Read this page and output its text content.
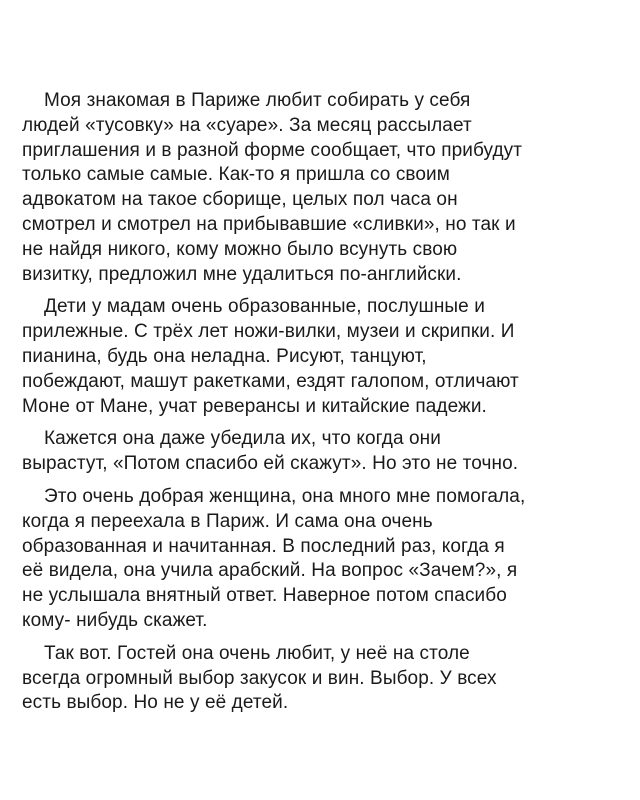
Моя знакомая в Париже любит собирать у себя
людей «тусовку» на «суаре». За месяц рассылает
приглашения и в разной форме сообщает, что прибудут
только самые самые. Как-то я пришла со своим
адвокатом на такое сборище, целых пол часа он
смотрел и смотрел на прибывавшие «сливки», но так и
не найдя никого, кому можно было всунуть свою
визитку, предложил мне удалиться по-английски.

Дети у мадам очень образованные, послушные и
прилежные. С трёх лет ножи-вилки, музеи и скрипки. И
пианина, будь она неладна. Рисуют, танцуют,
побеждают, машут ракетками, ездят галопом, отличают
Моне от Мане, учат реверансы и китайские падежи.

Кажется она даже убедила их, что когда они
вырастут, «Потом спасибо ей скажут». Но это не точно.

Это очень добрая женщина, она много мне помогала,
когда я переехала в Париж. И сама она очень
образованная и начитанная. В последний раз, когда я
её видела, она учила арабский. На вопрос «Зачем?», я
не услышала внятный ответ. Наверное потом спасибо
кому- нибудь скажет.

Так вот. Гостей она очень любит, у неё на столе
всегда огромный выбор закусок и вин. Выбор. У всех
есть выбор. Но не у её детей.
